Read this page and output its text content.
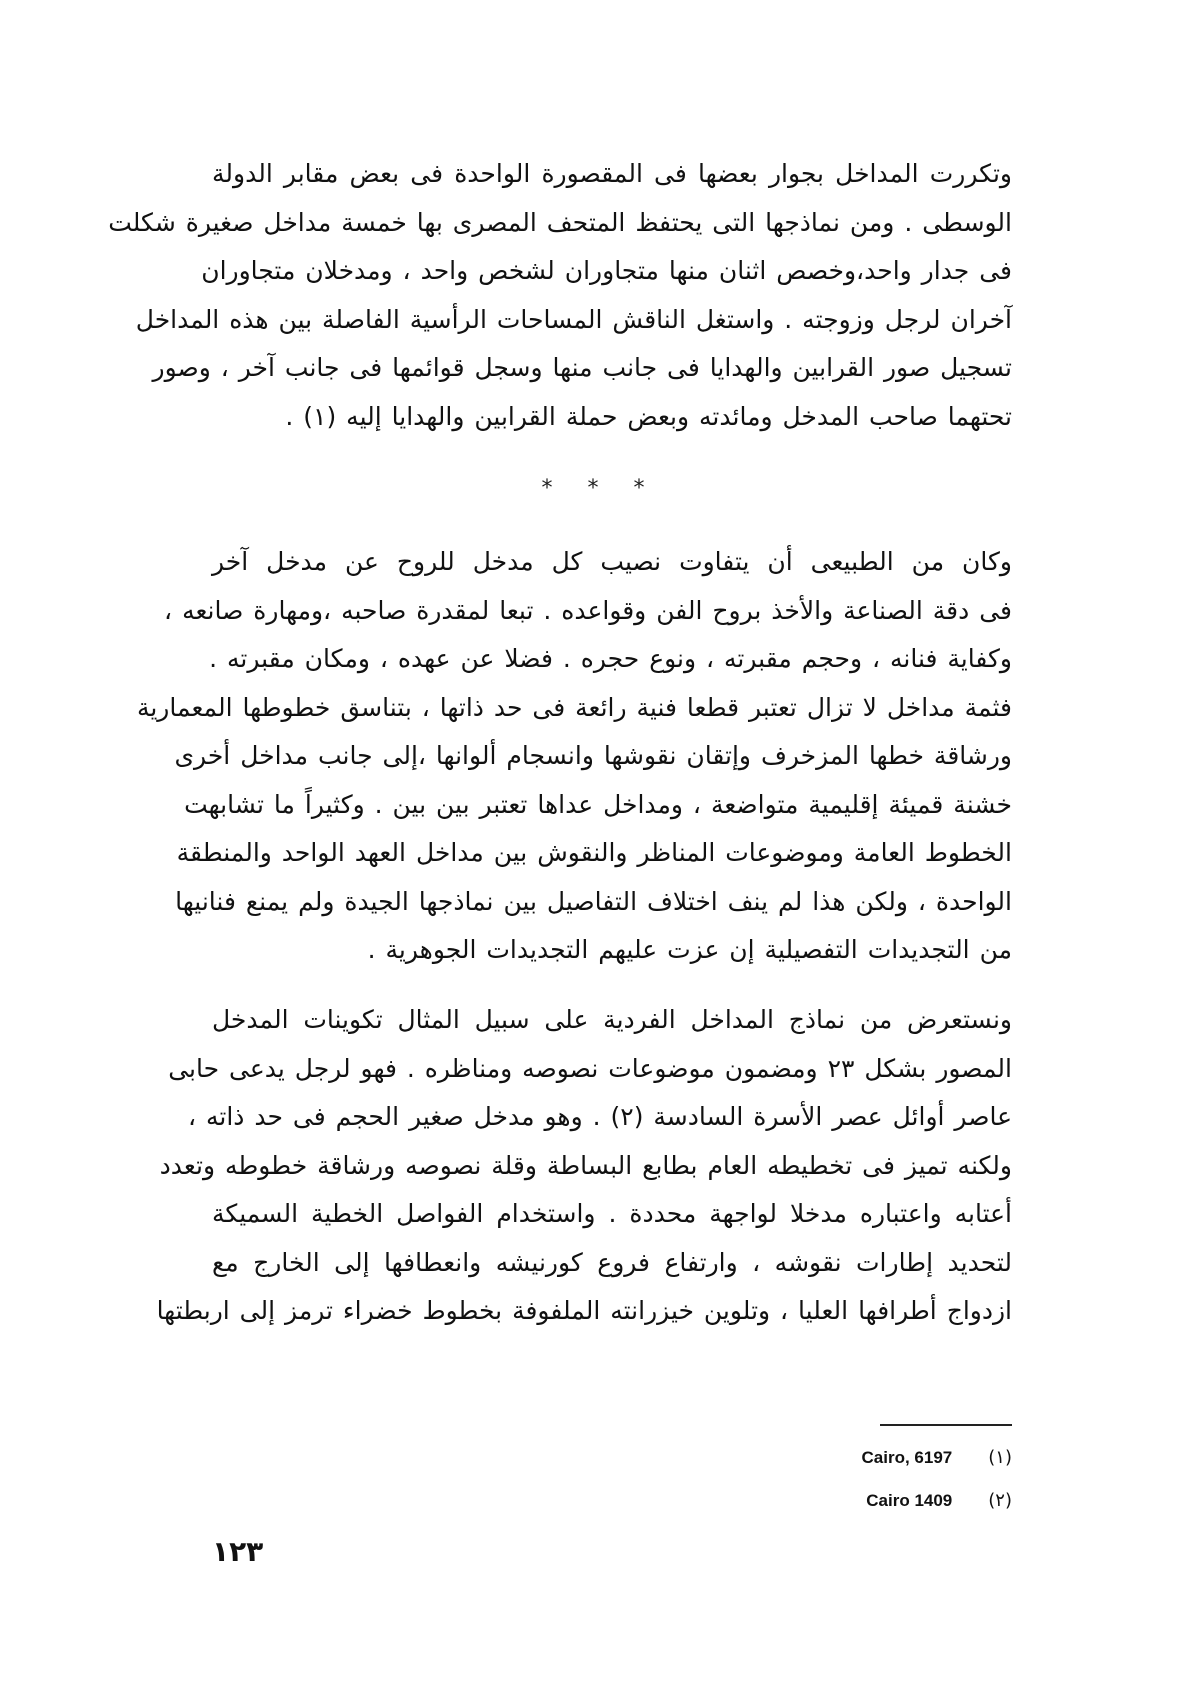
وتكررت المداخل بجوار بعضها فى المقصورة الواحدة فى بعض مقابر الدولة
الوسطى . ومن نماذجها التى يحتفظ المتحف المصرى بها خمسة مداخل صغيرة شكلت
فى جدار واحد،وخصص اثنان منها متجاوران لشخص واحد ، ومدخلان متجاوران
آخران لرجل وزوجته . واستغل الناقش المساحات الرأسية الفاصلة بين هذه المداخل
تسجيل صور القرابين والهدايا فى جانب منها وسجل قوائمها فى جانب آخر ، وصور
تحتهما صاحب المدخل ومائدته وبعض حملة القرابين والهدايا إليه (١) .
* * *
وكان من الطبيعى أن يتفاوت نصيب كل مدخل للروح عن مدخل آخر
فى دقة الصناعة والأخذ بروح الفن وقواعده . تبعا لمقدرة صاحبه ،ومهارة صانعه ،
وكفاية فنانه ، وحجم مقبرته ، ونوع حجره . فضلا عن عهده ، ومكان مقبرته .
فثمة مداخل لا تزال تعتبر قطعا فنية رائعة فى حد ذاتها ، بتناسق خطوطها المعمارية
ورشاقة خطها المزخرف وإتقان نقوشها وانسجام ألوانها ،إلى جانب مداخل أخرى
خشنة قميئة إقليمية متواضعة ، ومداخل عداها تعتبر بين بين . وكثيراً ما تشابهت
الخطوط العامة وموضوعات المناظر والنقوش بين مداخل العهد الواحد والمنطقة
الواحدة ، ولكن هذا لم ينف اختلاف التفاصيل بين نماذجها الجيدة ولم يمنع فنانيها
من التجديدات التفصيلية إن عزت عليهم التجديدات الجوهرية .
ونستعرض من نماذج المداخل الفردية على سبيل المثال تكوينات المدخل
المصور بشكل ٢٣ ومضمون موضوعات نصوصه ومناظره . فهو لرجل يدعى حابى
عاصر أوائل عصر الأسرة السادسة (٢) . وهو مدخل صغير الحجم فى حد ذاته ،
ولكنه تميز فى تخطيطه العام بطابع البساطة وقلة نصوصه ورشاقة خطوطه وتعدد
أعتابه واعتباره مدخلا لواجهة محددة . واستخدام الفواصل الخطية السميكة
لتحديد إطارات نقوشه ، وارتفاع فروع كورنيشه وانعطافها إلى الخارج مع
ازدواج أطرافها العليا ، وتلوين خيزرانته الملفوفة بخطوط خضراء ترمز إلى اربطتها
Cairo, 6197 (١)
Cairo 1409 (٢)
١٢٣
